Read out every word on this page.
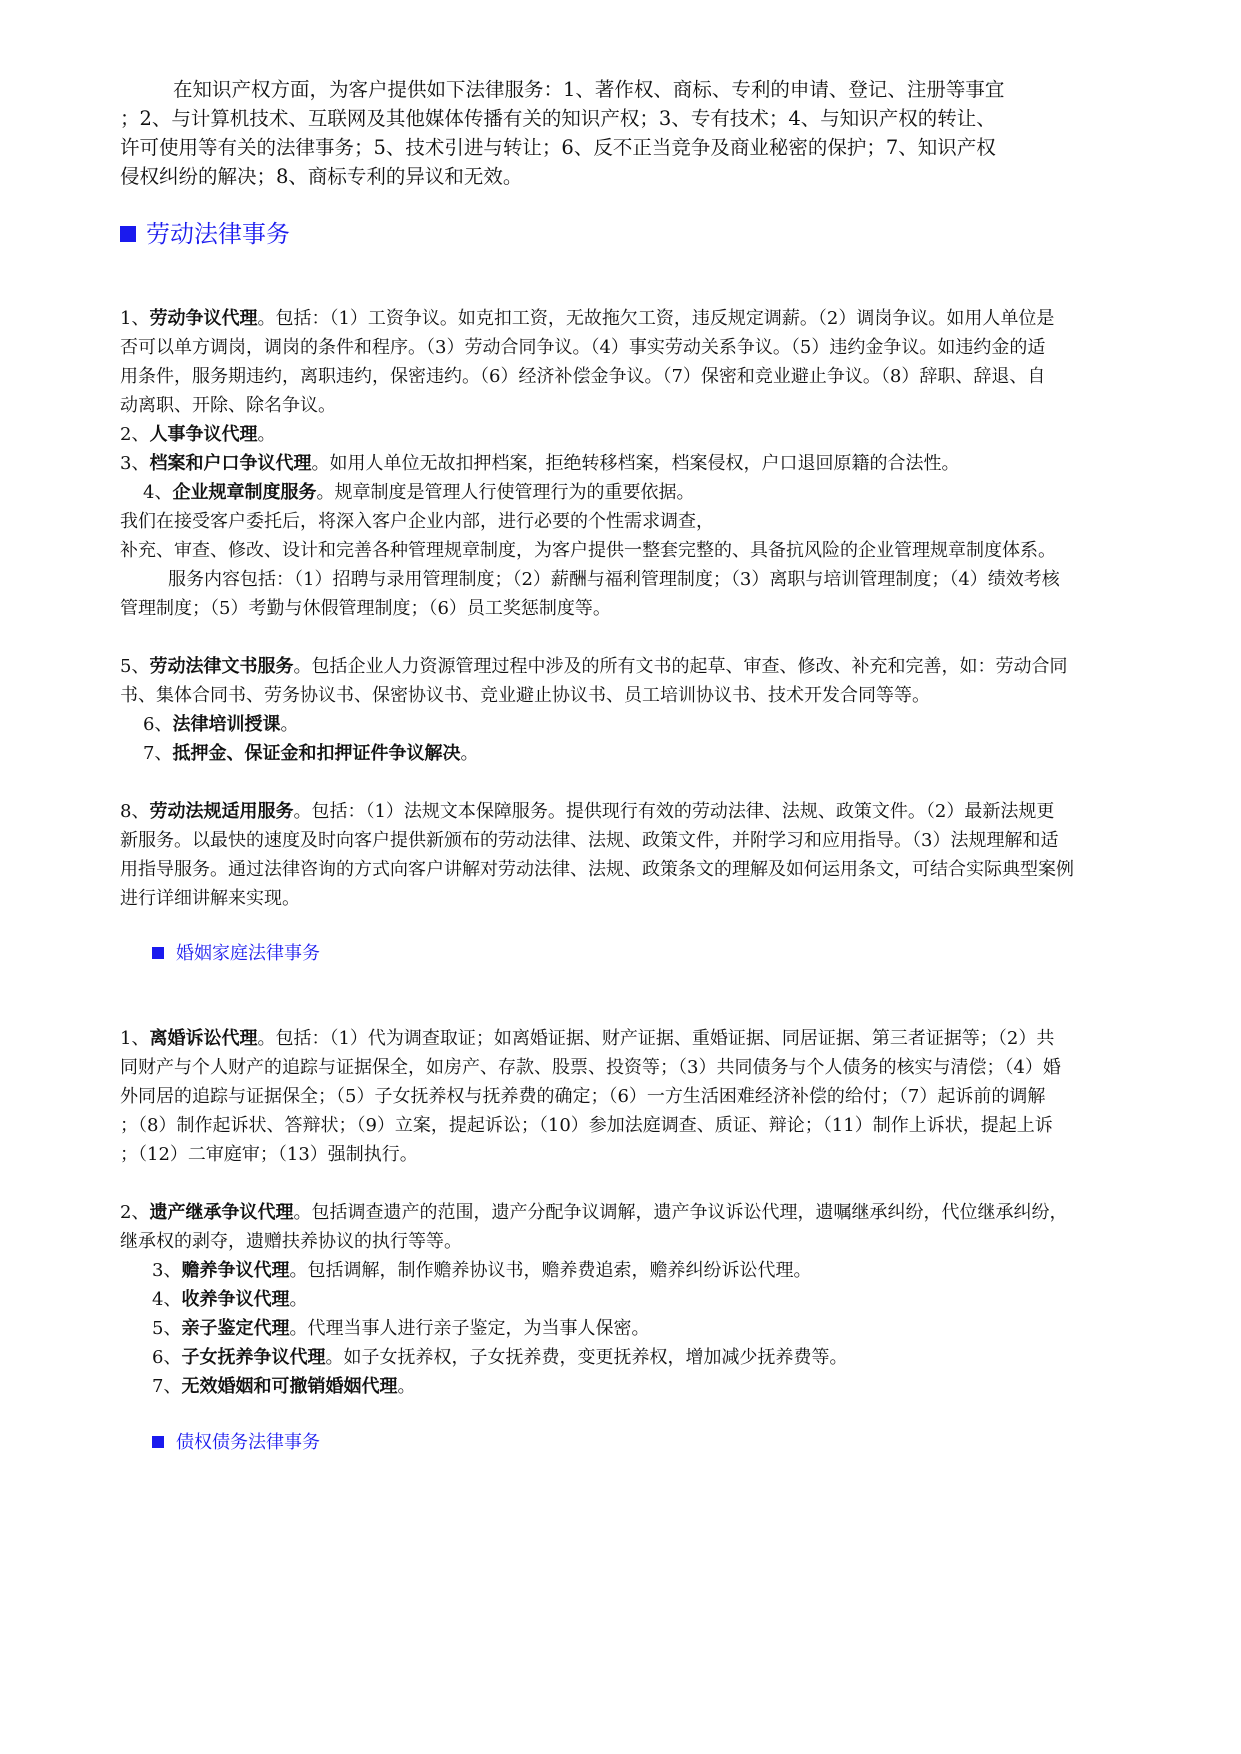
在知识产权方面，为客户提供如下法律服务：1、著作权、商标、专利的申请、登记、注册等事宜
；2、与计算机技术、互联网及其他媒体传播有关的知识产权；3、专有技术；4、与知识产权的转让、
许可使用等有关的法律事务；5、技术引进与转让；6、反不正当竞争及商业秘密的保护；7、知识产权
侵权纠纷的解决；8、商标专利的异议和无效。
劳动法律事务
1、劳动争议代理。包括：（1）工资争议。如克扣工资，无故拖欠工资，违反规定调薪。（2）调岗争议。如用人单位是
否可以单方调岗，调岗的条件和程序。（3）劳动合同争议。（4）事实劳动关系争议。（5）违约金争议。如违约金的适
用条件，服务期违约，离职违约，保密违约。（6）经济补偿金争议。（7）保密和竞业避止争议。（8）辞职、辞退、自
动离职、开除、除名争议。
2、人事争议代理。
3、档案和户口争议代理。如用人单位无故扣押档案，拒绝转移档案，档案侵权，户口退回原籍的合法性。
4、企业规章制度服务。规章制度是管理人行使管理行为的重要依据。
我们在接受客户委托后，将深入客户企业内部，进行必要的个性需求调查，
补充、审查、修改、设计和完善各种管理规章制度，为客户提供一整套完整的、具备抗风险的企业管理规章制度体系。
服务内容包括：（1）招聘与录用管理制度；（2）薪酬与福利管理制度；（3）离职与培训管理制度；（4）绩效考核
管理制度；（5）考勤与休假管理制度；（6）员工奖惩制度等。
5、劳动法律文书服务。包括企业人力资源管理过程中涉及的所有文书的起草、审查、修改、补充和完善，如：劳动合同
书、集体合同书、劳务协议书、保密协议书、竞业避止协议书、员工培训协议书、技术开发合同等等。
6、法律培训授课。
7、抵押金、保证金和扣押证件争议解决。
8、劳动法规适用服务。包括：（1）法规文本保障服务。提供现行有效的劳动法律、法规、政策文件。（2）最新法规更
新服务。以最快的速度及时向客户提供新颁布的劳动法律、法规、政策文件，并附学习和应用指导。（3）法规理解和适
用指导服务。通过法律咨询的方式向客户讲解对劳动法律、法规、政策条文的理解及如何运用条文，可结合实际典型案例
进行详细讲解来实现。
婚姻家庭法律事务
1、离婚诉讼代理。包括：（1）代为调查取证；如离婚证据、财产证据、重婚证据、同居证据、第三者证据等；（2）共
同财产与个人财产的追踪与证据保全，如房产、存款、股票、投资等；（3）共同债务与个人债务的核实与清偿；（4）婚
外同居的追踪与证据保全；（5）子女抚养权与抚养费的确定；（6）一方生活困难经济补偿的给付；（7）起诉前的调解
；（8）制作起诉状、答辩状；（9）立案，提起诉讼；（10）参加法庭调查、质证、辩论；（11）制作上诉状，提起上诉
；（12）二审庭审；（13）强制执行。
2、遗产继承争议代理。包括调查遗产的范围，遗产分配争议调解，遗产争议诉讼代理，遗嘱继承纠纷，代位继承纠纷，
继承权的剥夺，遗赠扶养协议的执行等等。
3、赡养争议代理。包括调解，制作赡养协议书，赡养费追索，赡养纠纷诉讼代理。
4、收养争议代理。
5、亲子鉴定代理。代理当事人进行亲子鉴定，为当事人保密。
6、子女抚养争议代理。如子女抚养权，子女抚养费，变更抚养权，增加减少抚养费等。
7、无效婚姻和可撤销婚姻代理。
债权债务法律事务
